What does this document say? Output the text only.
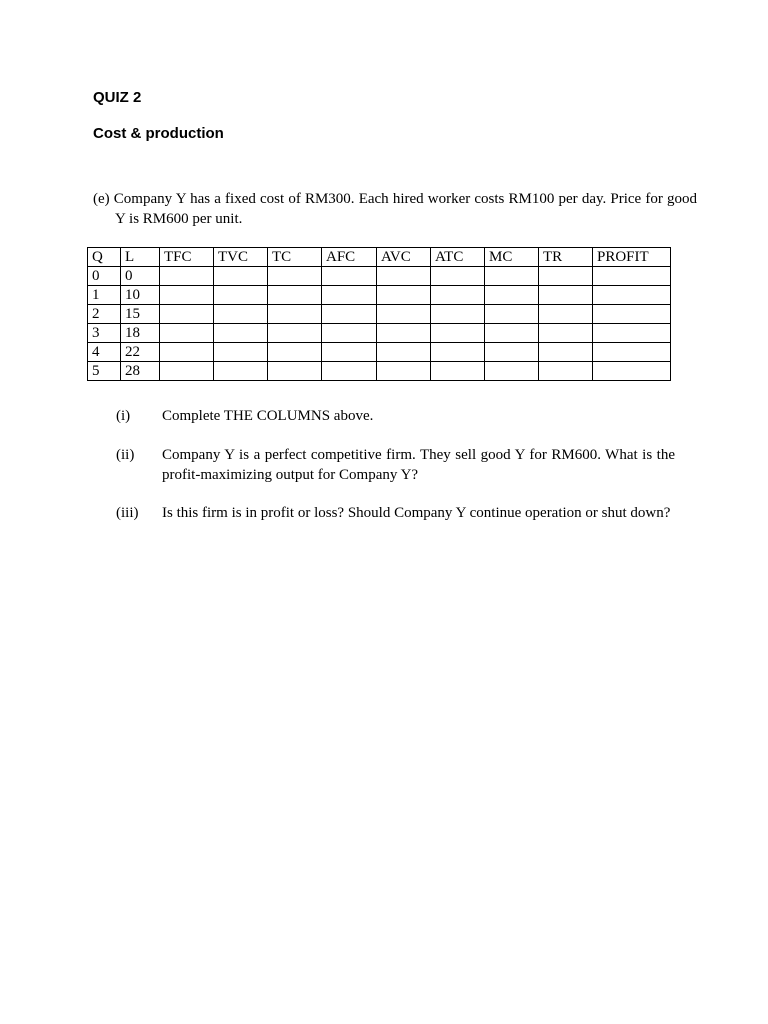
QUIZ 2
Cost & production

(e) Company Y has a fixed cost of RM300. Each hired worker costs RM100 per day. Price for good Y is RM600 per unit.

Q	L	TFC	TVC	TC	AFC	AVC	ATC	MC	TR	PROFIT
0	0									
1	10									
2	15									
3	18									
4	22									
5	28									
(i) Complete THE COLUMNS above.
(ii) Company Y is a perfect competitive firm. They sell good Y for RM600. What is the profit-maximizing output for Company Y?
(iii) Is this firm is in profit or loss? Should Company Y continue operation or shut down?
